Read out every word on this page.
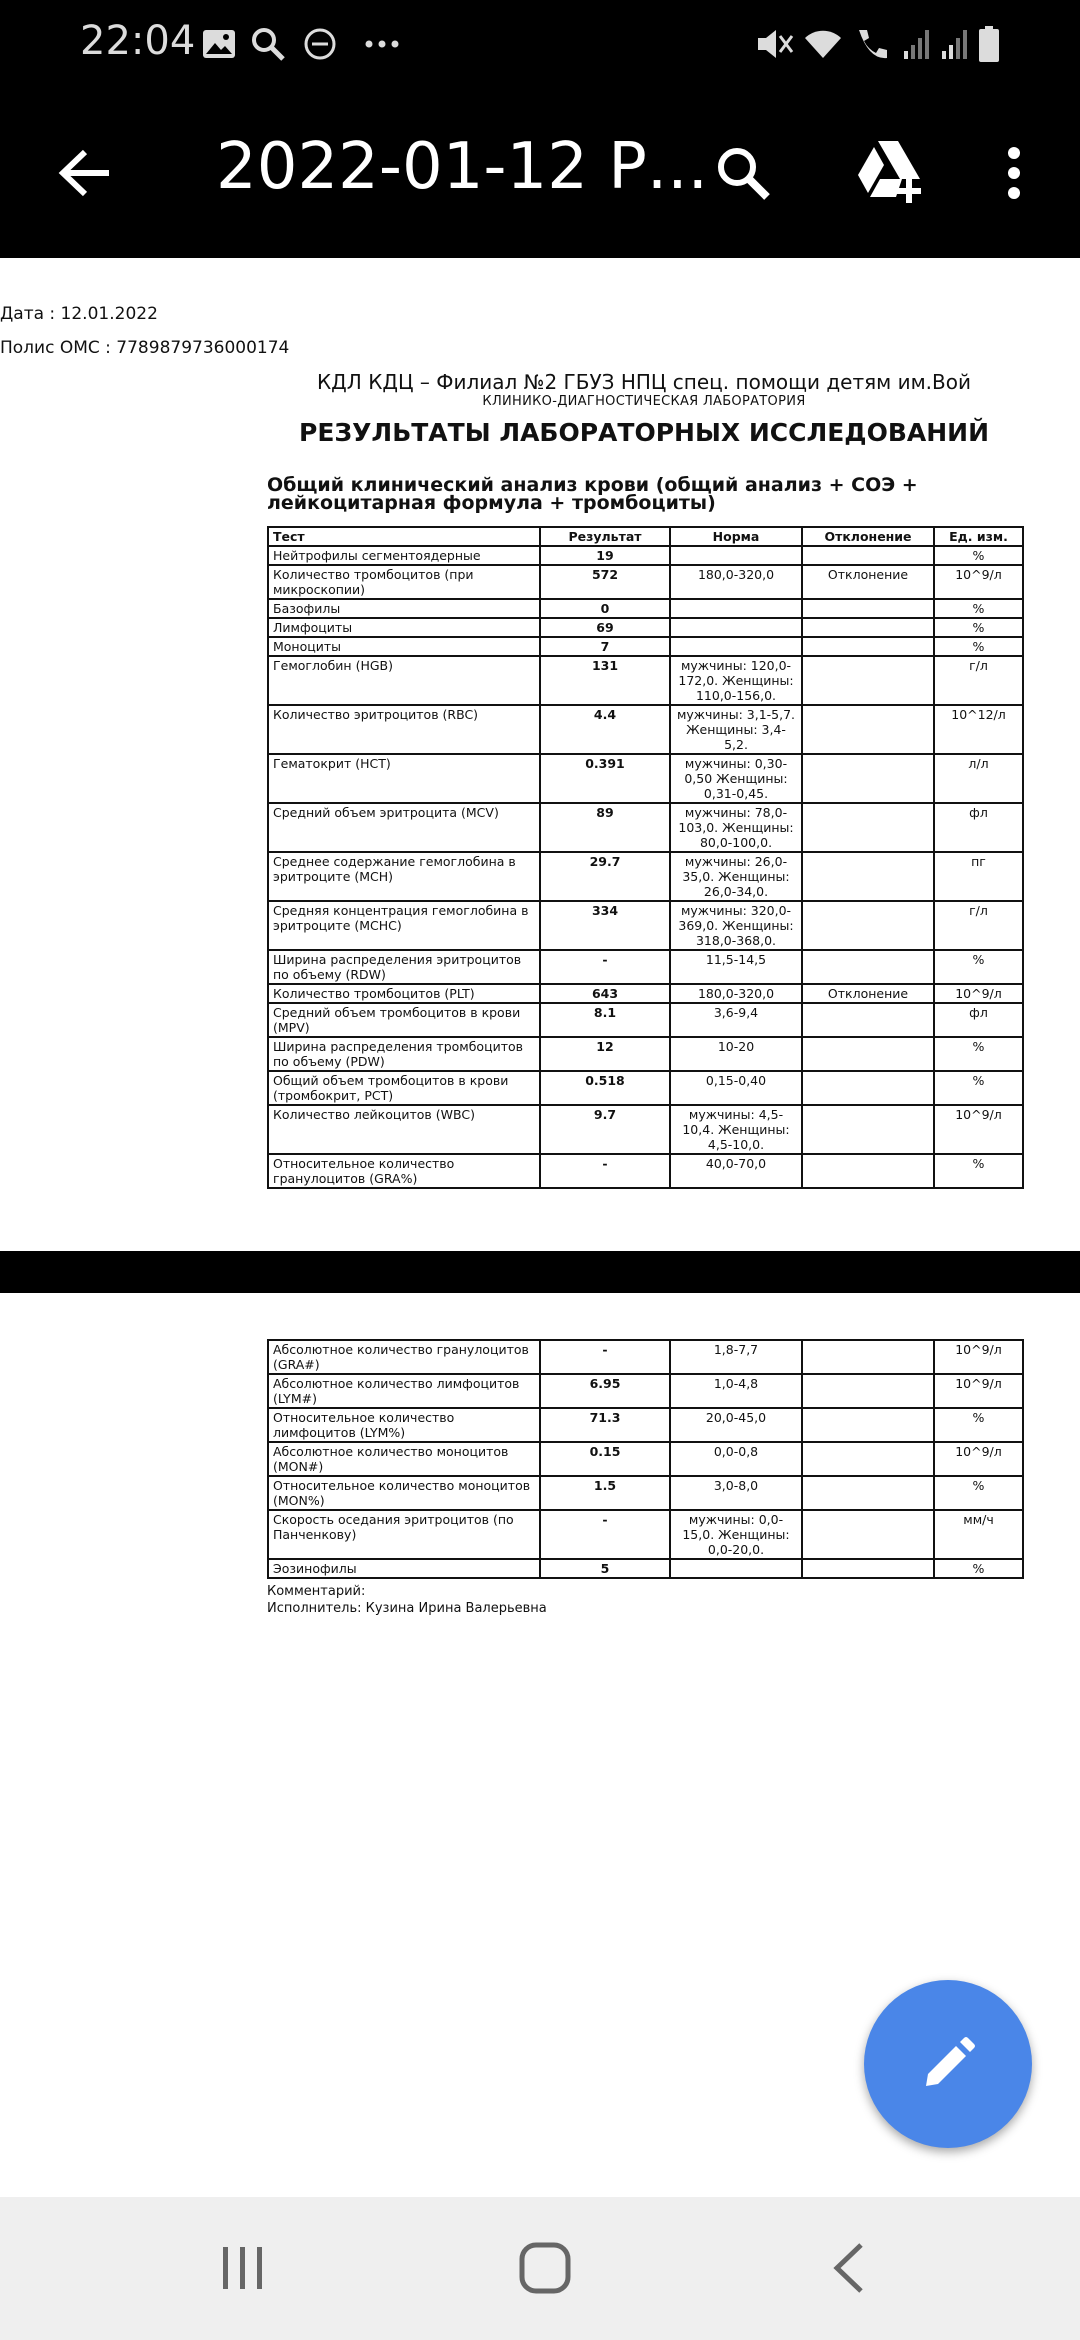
22:04
2022-01-12 Р...
Дата : 12.01.2022
Полис ОМС : 7789879736000174
КДЛ КДЦ – Филиал №2 ГБУЗ НПЦ спец. помощи детям им.Вой
КЛИНИКО-ДИАГНОСТИЧЕСКАЯ ЛАБОРАТОРИЯ
РЕЗУЛЬТАТЫ ЛАБОРАТОРНЫХ ИССЛЕДОВАНИЙ
Общий клинический анализ крови (общий анализ + СОЭ + лейкоцитарная формула + тромбоциты)
Тест	Результат	Норма	Отклонение	Ед. изм.
Нейтрофилы сегментоядерные	19			%
Количество тромбоцитов (при микроскопии)	572	180,0-320,0	Отклонение	10^9/л
Базофилы	0			%
Лимфоциты	69			%
Моноциты	7			%
Гемоглобин (HGB)	131	мужчины: 120,0-172,0. Женщины: 110,0-156,0.		г/л
Количество эритроцитов (RBC)	4.4	мужчины: 3,1-5,7. Женщины: 3,4-5,2.		10^12/л
Гематокрит (HCT)	0.391	мужчины: 0,30-0,50 Женщины: 0,31-0,45.		л/л
Средний объем эритроцита (MCV)	89	мужчины: 78,0-103,0. Женщины: 80,0-100,0.		фл
Среднее содержание гемоглобина в эритроците (MCH)	29.7	мужчины: 26,0-35,0. Женщины: 26,0-34,0.		пг
Средняя концентрация гемоглобина в эритроците (MCHC)	334	мужчины: 320,0-369,0. Женщины: 318,0-368,0.		г/л
Ширина распределения эритроцитов по объему (RDW)	-	11,5-14,5		%
Количество тромбоцитов (PLT)	643	180,0-320,0	Отклонение	10^9/л
Средний объем тромбоцитов в крови (MPV)	8.1	3,6-9,4		фл
Ширина распределения тромбоцитов по объему (PDW)	12	10-20		%
Общий объем тромбоцитов в крови (тромбокрит, PCT)	0.518	0,15-0,40		%
Количество лейкоцитов (WBC)	9.7	мужчины: 4,5-10,4. Женщины: 4,5-10,0.		10^9/л
Относительное количество гранулоцитов (GRA%)	-	40,0-70,0		%
Абсолютное количество гранулоцитов (GRA#)	-	1,8-7,7		10^9/л
Абсолютное количество лимфоцитов (LYM#)	6.95	1,0-4,8		10^9/л
Относительное количество лимфоцитов (LYM%)	71.3	20,0-45,0		%
Абсолютное количество моноцитов (MON#)	0.15	0,0-0,8		10^9/л
Относительное количество моноцитов (MON%)	1.5	3,0-8,0		%
Скорость оседания эритроцитов (по Панченкову)	-	мужчины: 0,0-15,0. Женщины: 0,0-20,0.		мм/ч
Эозинофилы	5			%
Комментарий:
Исполнитель: Кузина Ирина Валерьевна
